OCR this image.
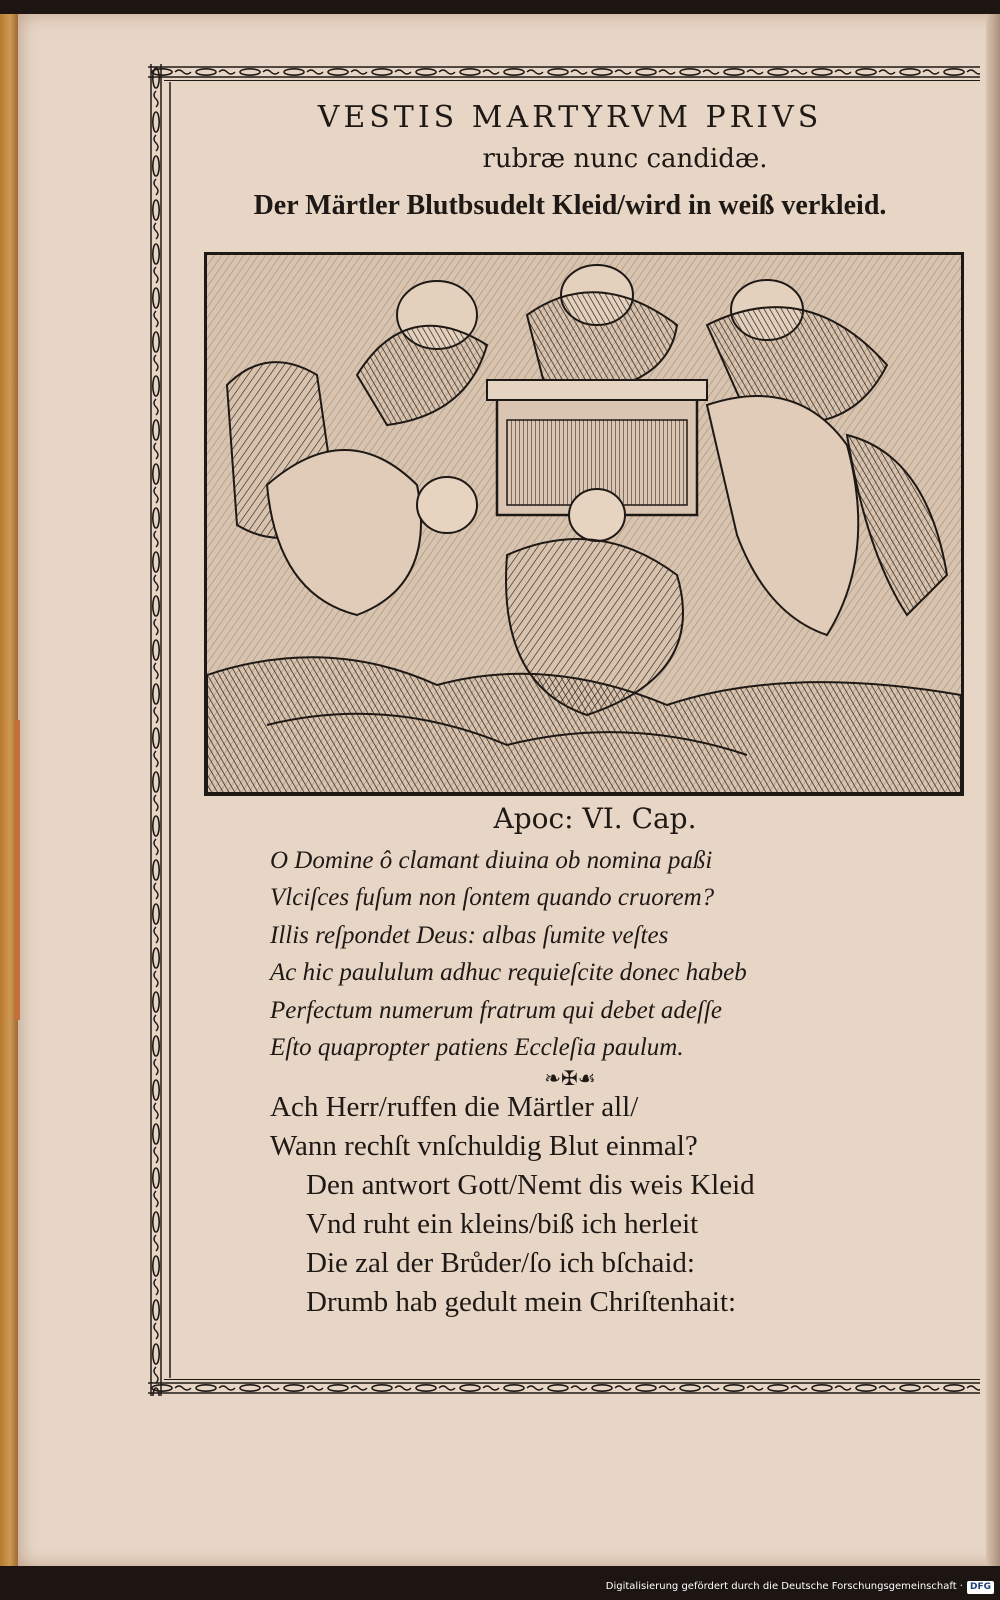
VESTIS MARTYRVM PRIVS

rubræ nunc candidæ.

Der Märtler Blutbsudelt Kleid/wird in weiß verkleid.

Apoc: VI. Cap.

O Domine ô clamant diuina ob nomina paßi
Vlciſces fuſum non ſontem quando cruorem?
Illis reſpondet Deus: albas ſumite veſtes
Ac hic paululum adhuc requieſcite donec habeb
Perfectum numerum fratrum qui debet adeſſe
Eſto quapropter patiens Eccleſia paulum.
❧✠☙
Ach Herr/ruffen die Märtler all/
Wann rechſt vnſchuldig Blut einmal?
Den antwort Gott/Nemt dis weis Kleid
Vnd ruht ein kleins/biß ich herleit
Die zal der Brůder/ſo ich bſchaid:
Drumb hab gedult mein Chriſtenhait:
Digitalisierung gefördert durch die Deutsche Forschungsgemeinschaft · DFG
